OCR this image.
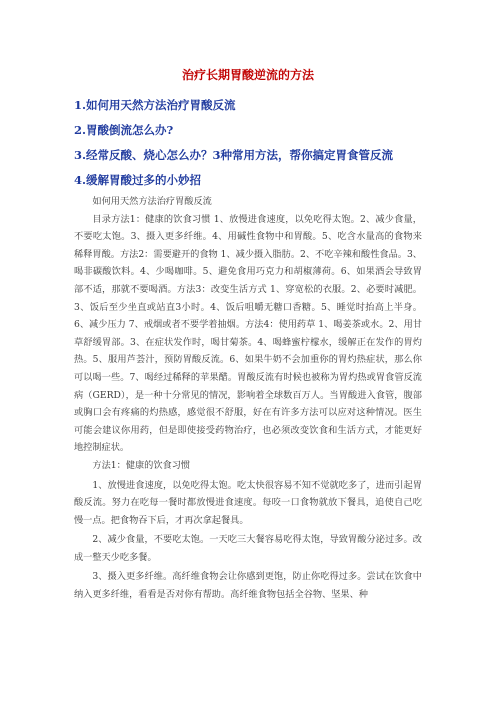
治疗长期胃酸逆流的方法
1.如何用天然方法治疗胃酸反流
2.胃酸倒流怎么办?
3.经常反酸、烧心怎么办？3种常用方法，帮你搞定胃食管反流
4.缓解胃酸过多的小妙招

如何用天然方法治疗胃酸反流

目录方法1：健康的饮食习惯 1、放慢进食速度，以免吃得太饱。2、减少食量，不要吃太饱。3、摄入更多纤维。4、用碱性食物中和胃酸。5、吃含水量高的食物来稀释胃酸。方法2：需要避开的食物 1、减少摄入脂肪。2、不吃辛辣和酸性食品。3、喝非碳酸饮料。4、少喝咖啡。5、避免食用巧克力和胡椒薄荷。6、如果酒会导致胃部不适，那就不要喝酒。方法3：改变生活方式 1、穿宽松的衣服。2、必要时减肥。3、饭后至少坐直或站直3小时。4、饭后咀嚼无糖口香糖。5、睡觉时抬高上半身。6、减少压力 7、戒烟或者不要学着抽烟。方法4：使用药草 1、喝姜茶或水。2、用甘草舒缓胃部。3、在症状发作时，喝甘菊茶。4、喝蜂蜜柠檬水，缓解正在发作的胃灼热。5、服用芦荟汁，预防胃酸反流。6、如果牛奶不会加重你的胃灼热症状，那么你可以喝一些。7、喝经过稀释的苹果醋。胃酸反流有时候也被称为胃灼热或胃食管反流病（GERD），是一种十分常见的情况，影响着全球数百万人。当胃酸进入食管，腹部或胸口会有疼痛的灼热感，感觉很不舒服，好在有许多方法可以应对这种情况。医生可能会建议你用药，但是即使接受药物治疗，也必须改变饮食和生活方式，才能更好地控制症状。

方法1：健康的饮食习惯

1、放慢进食速度，以免吃得太饱。吃太快很容易不知不觉就吃多了，进而引起胃酸反流。努力在吃每一餐时都放慢进食速度。每咬一口食物就放下餐具，追使自己吃慢一点。把食物吞下后，才再次拿起餐具。

2、减少食量，不要吃太饱。一天吃三大餐容易吃得太饱，导致胃酸分泌过多。改成一整天少吃多餐。

3、摄入更多纤维。高纤维食物会让你感到更饱，防止你吃得过多。尝试在饮食中纳入更多纤维，看看是否对你有帮助。高纤维食物包括全谷物、坚果、种
